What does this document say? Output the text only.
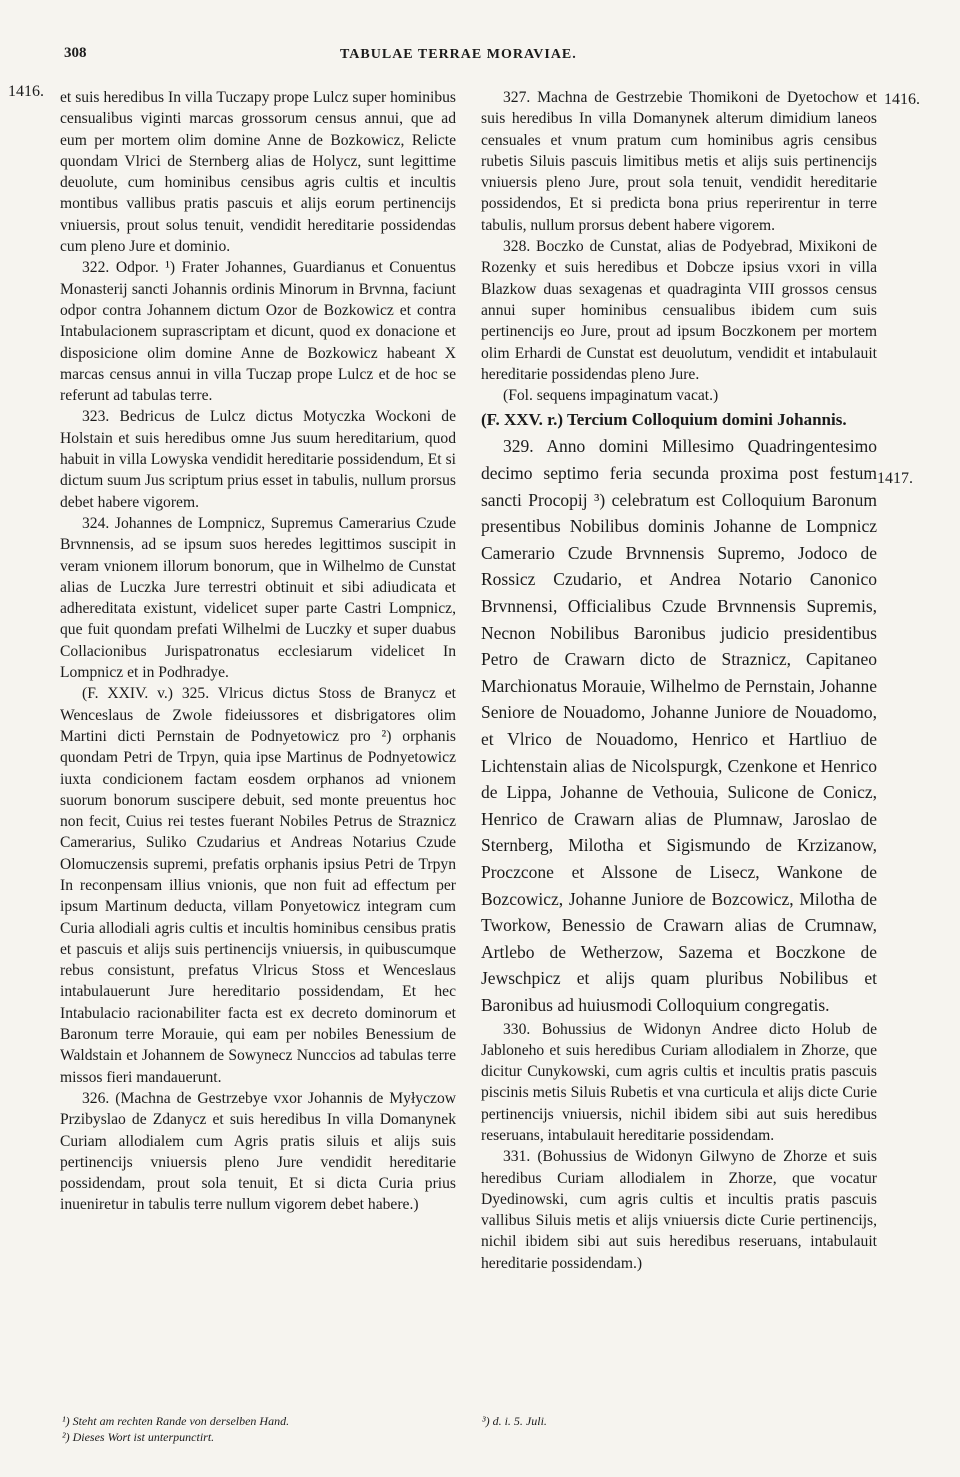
308	TABULAE TERRAE MORAVIAE.
1416.	1416.
1417.

et suis heredibus In villa Tuczapy prope Lulcz super hominibus censualibus viginti marcas grossorum census annui, que ad eum per mortem olim domine Anne de Bozkowicz, Relicte quondam Vlrici de Sternberg alias de Holycz, sunt legittime deuolute, cum hominibus censibus agris cultis et incultis montibus vallibus pratis pascuis et alijs eorum pertinencijs vniuersis, prout solus tenuit, vendidit hereditarie possidendas cum pleno Jure et dominio.

322. Odpor. ¹) Frater Johannes, Guardianus et Conuentus Monasterij sancti Johannis ordinis Minorum in Brvnna, faciunt odpor contra Johannem dictum Ozor de Bozkowicz et contra Intabulacionem suprascriptam et dicunt, quod ex donacione et disposicione olim domine Anne de Bozkowicz habeant X marcas census annui in villa Tuczap prope Lulcz et de hoc se referunt ad tabulas terre.

323. Bedricus de Lulcz dictus Motyczka Wockoni de Holstain et suis heredibus omne Jus suum hereditarium, quod habuit in villa Lowyska vendidit hereditarie possidendum, Et si dictum suum Jus scriptum prius esset in tabulis, nullum prorsus debet habere vigorem.

324. Johannes de Lompnicz, Supremus Camerarius Czude Brvnnensis, ad se ipsum suos heredes legittimos suscipit in veram vnionem illorum bonorum, que in Wilhelmo de Cunstat alias de Luczka Jure terrestri obtinuit et sibi adiudicata et adhereditata existunt, videlicet super parte Castri Lompnicz, que fuit quondam prefati Wilhelmi de Luczky et super duabus Collacionibus Jurispatronatus ecclesiarum videlicet In Lompnicz et in Podhradye.

(F. XXIV. v.) 325. Vlricus dictus Stoss de Branycz et Wenceslaus de Zwole fideiussores et disbrigatores olim Martini dicti Pernstain de Podnyetowicz pro ²) orphanis quondam Petri de Trpyn, quia ipse Martinus de Podnyetowicz iuxta condicionem factam eosdem orphanos ad vnionem suorum bonorum suscipere debuit, sed monte preuentus hoc non fecit, Cuius rei testes fuerant Nobiles Petrus de Straznicz Camerarius, Suliko Czudarius et Andreas Notarius Czude Olomuczensis supremi, prefatis orphanis ipsius Petri de Trpyn In reconpensam illius vnionis, que non fuit ad effectum per ipsum Martinum deducta, villam Ponyetowicz integram cum Curia allodiali agris cultis et incultis hominibus censibus pratis et pascuis et alijs suis pertinencijs vniuersis, in quibuscumque rebus consistunt, prefatus Vlricus Stoss et Wenceslaus intabulauerunt Jure hereditario possidendam, Et hec Intabulacio racionabiliter facta est ex decreto dominorum et Baronum terre Morauie, qui eam per nobiles Benessium de Waldstain et Johannem de Sowynecz Nunccios ad tabulas terre missos fieri mandauerunt.

326. (Machna de Gestrzebye vxor Johannis de Myłyczow Przibyslao de Zdanycz et suis heredibus In villa Domanynek Curiam allodialem cum Agris pratis siluis et alijs suis pertinencijs vniuersis pleno Jure vendidit hereditarie possidendam, prout sola tenuit, Et si dicta Curia prius inueniretur in tabulis terre nullum vigorem debet habere.)

327. Machna de Gestrzebie Thomikoni de Dyetochow et suis heredibus In villa Domanynek alterum dimidium laneos censuales et vnum pratum cum hominibus agris censibus rubetis Siluis pascuis limitibus metis et alijs suis pertinencijs vniuersis pleno Jure, prout sola tenuit, vendidit hereditarie possidendos, Et si predicta bona prius reperirentur in terre tabulis, nullum prorsus debent habere vigorem.

328. Boczko de Cunstat, alias de Podyebrad, Mixikoni de Rozenky et suis heredibus et Dobcze ipsius vxori in villa Blazkow duas sexagenas et quadraginta VIII grossos census annui super hominibus censualibus ibidem cum suis pertinencijs eo Jure, prout ad ipsum Boczkonem per mortem olim Erhardi de Cunstat est deuolutum, vendidit et intabulauit hereditarie possidendas pleno Jure.

(Fol. sequens impaginatum vacat.)

(F. XXV. r.) Tercium Colloquium domini Johannis.

329. Anno domini Millesimo Quadringentesimo decimo septimo feria secunda proxima post festum sancti Procopij ³) celebratum est Colloquium Baronum presentibus Nobilibus dominis Johanne de Lompnicz Camerario Czude Brvnnensis Supremo, Jodoco de Rossicz Czudario, et Andrea Notario Canonico Brvnnensi, Officialibus Czude Brvnnensis Supremis, Necnon Nobilibus Baronibus judicio presidentibus Petro de Crawarn dicto de Straznicz, Capitaneo Marchionatus Morauie, Wilhelmo de Pernstain, Johanne Seniore de Nouadomo, Johanne Juniore de Nouadomo, et Vlrico de Nouadomo, Henrico et Hartliuo de Lichtenstain alias de Nicolspurgk, Czenkone et Henrico de Lippa, Johanne de Vethouia, Sulicone de Conicz, Henrico de Crawarn alias de Plumnaw, Jaroslao de Sternberg, Milotha et Sigismundo de Krzizanow, Proczcone et Alssone de Lisecz, Wankone de Bozcowicz, Johanne Juniore de Bozcowicz, Milotha de Tworkow, Benessio de Crawarn alias de Crumnaw, Artlebo de Wetherzow, Sazema et Boczkone de Jewschpicz et alijs quam pluribus Nobilibus et Baronibus ad huiusmodi Colloquium congregatis.

330. Bohussius de Widonyn Andree dicto Holub de Jabloneho et suis heredibus Curiam allodialem in Zhorze, que dicitur Cunykowski, cum agris cultis et incultis pratis pascuis piscinis metis Siluis Rubetis et vna curticula et alijs dicte Curie pertinencijs vniuersis, nichil ibidem sibi aut suis heredibus reseruans, intabulauit hereditarie possidendam.

331. (Bohussius de Widonyn Gilwyno de Zhorze et suis heredibus Curiam allodialem in Zhorze, que vocatur Dyedinowski, cum agris cultis et incultis pratis pascuis vallibus Siluis metis et alijs vniuersis dicte Curie pertinencijs, nichil ibidem sibi aut suis heredibus reseruans, intabulauit hereditarie possidendam.)

¹) Steht am rechten Rande von derselben Hand.
²) Dieses Wort ist unterpunctirt.
³) d. i. 5. Juli.
